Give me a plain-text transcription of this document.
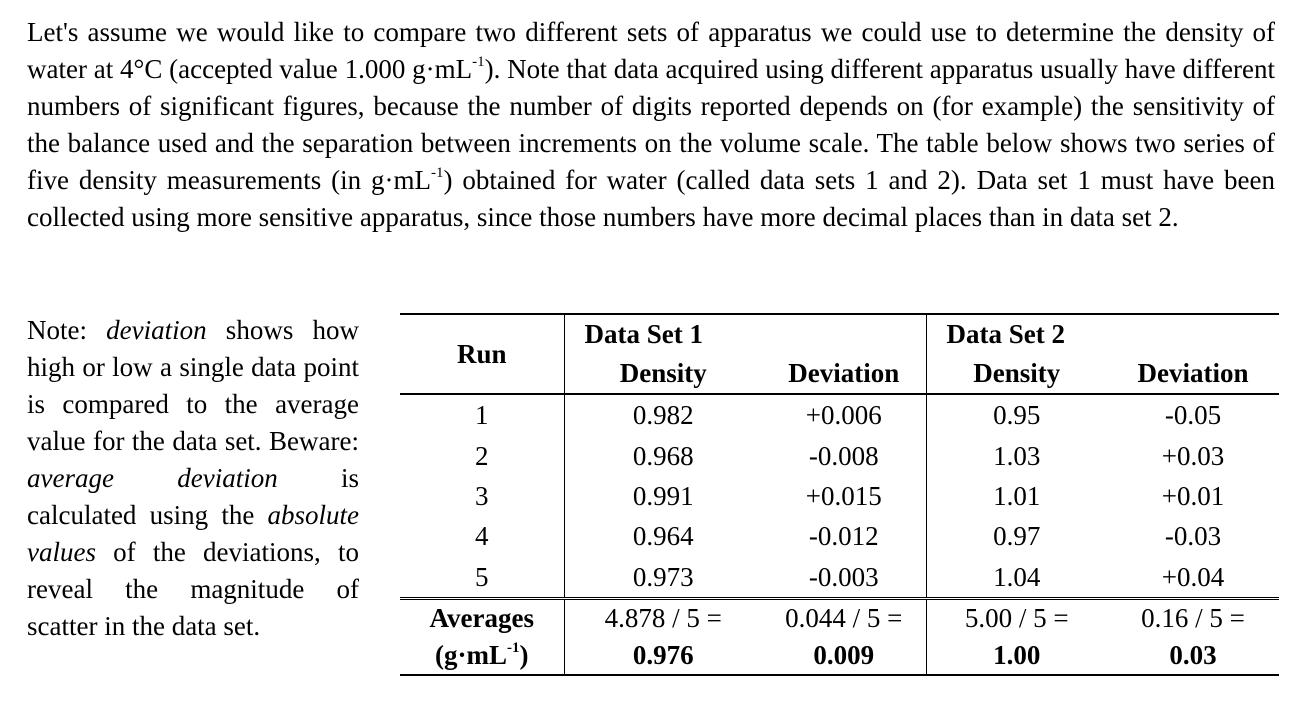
Let's assume we would like to compare two different sets of apparatus we could use to determine the density of water at 4°C (accepted value 1.000 $g\cdot mL^{-1}$). Note that data acquired using different apparatus usually have different numbers of significant figures, because the number of digits reported depends on (for example) the sensitivity of the balance used and the separation between increments on the volume scale. The table below shows two series of five density measurements (in $g\cdot mL^{-1}$) obtained for water (called data sets 1 and 2). Data set 1 must have been collected using more sensitive apparatus, since those numbers have more decimal places than in data set 2.
Note: deviation shows how high or low a single data point is compared to the average value for the data set. Beware: average deviation is calculated using the absolute values of the deviations, to reveal the magnitude of scatter in the data set.
Run	Data Set 1		Data Set 2	
	Density	Deviation	Density	Deviation
1	0.982	+0.006	0.95	-0.05
2	0.968	-0.008	1.03	+0.03
3	0.991	+0.015	1.01	+0.01
4	0.964	-0.012	0.97	-0.03
5	0.973	-0.003	1.04	+0.04
Averages	4.878 / 5 =	0.044 / 5 =	5.00 / 5 =	0.16 / 5 =
$(g\cdot mL^{-1})$	0.976	0.009	1.00	0.03
